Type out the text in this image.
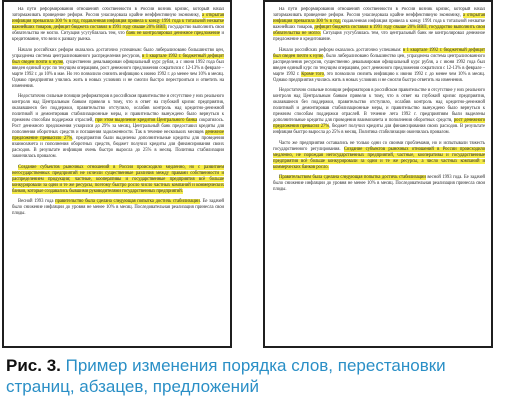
На пути реформирования отношений собственности в России возник кризис, который начал затормаживать проведение реформ. Россия унаследовала крайне неэффективную экономику, а открытая инфляция превысила 300 % в год, подавленная инфляция привела к концу 1991 года к тотальной нехватке важнейших товаров, дефицит бюджета составил в 1991 году свыше 20% ВВП, государство выполнить свои обязательства не могло. Ситуация усугублялась тем, что банк не контролировал денежное предложение и кредитование, что вело к развалу рынка.

Начало российских реформ оказалось достаточно успешным: было либерализовано большинство цен, упразднена система централизованного распределения ресурсов, в 1 квартале 1992 г. бюджетный дефицит был сведен почти к нулю, существенно девальвирован официальный курс рубля, а с июня 1992 года был введен единый курс по текущим операциям, рост денежного предложения сократился с 12-13% в феврале – марте 1992 г. до 10% в мае. Но это позволило снизить инфляцию к июню 1992 г. до менее чем 10% в месяц. Однако предприятия учились жить в новых условиях и не смогли быстро перестроиться и ответить на изменения.

Недостаточно сильные позиции реформаторов в российском правительстве и отсутствие у них реального контроля над Центральным банком привели к тому, что в ответ на глубокий кризис предприятия, оказавшиеся без поддержки, правительство отступило, ослабив контроль над кредитно-денежной политикой и демонтировав стабилизационные меры, и правительство вынуждено было вернуться к прежним способам поддержки отраслей, при этом выделение кредитов Центрального банка сократилось. Рост денежного предложения ускорился до 29% за месяц, Центральный банк предоставил кредиты для пополнения оборотных средств и погашения задолженности. Так в течение нескольких месяцев денежное предложение превысило 27%, предприятия были выделены дополнительные кредиты для проведения взаимозачета и пополнения оборотных средств, бюджет получил кредиты для финансирования своих расходов. В результате инфляция очень быстро выросла до 25% в месяц. Политика стабилизации закончилась провалом.

Создание субъектов рыночных отношений в России происходило медленно, но с развитием негосударственных предприятий не исчезли существенные различия между правами собственности и распределением продукции; частные, кооперативы и государственные предприятия всё больше конкурировали за одни и те же ресурсы, поэтому быстро росло число частных компаний и коммерческих банков, которые создавались бывшими руководителями государственных предприятий.

Весной 1993 года правительство была сделана следующая попытка достичь стабилизации. Ее задачей было снижение инфляции до уровня не менее 10% в месяц. Последовательная реализация принесла свои плоды.

На пути реформирования отношений собственности в России возник кризис, который начал затормаживать проведение реформ. Россия унаследовала крайне неэффективную экономику, а открытая инфляция превысила 300 % в год, подавленная инфляция привела к концу 1991 года к тотальной нехватке важнейших товаров, дефицит бюджета составил в 1991 году свыше 20% ВВП, государство выполнить свои обязательства не могло. Ситуация усугублялась тем, что центральный банк не контролировал денежное предложение и кредитование.

Начало российских реформ оказалось достаточно успешным: в 1 квартале 1992 г. бюджетный дефицит был сведен почти к нулю, было либерализовано большинство цен, упразднена система централизованного распределения ресурсов, существенно девальвирован официальный курс рубля, а с июня 1992 года был введен единый курс по текущим операциям, рост денежного предложения сократился с 12-13% в феврале – марте 1992 г. Кроме того, это позволило снизить инфляцию к июню 1992 г. до менее чем 10% в месяц. Однако предприятия учились жить в новых условиях и не смогли быстро ответить на изменения.

Недостаточно сильные позиции реформаторов в российском правительстве и отсутствие у них реального контроля над Центральным банком привели к тому, что в ответ на глубокий кризис предприятия, оказавшиеся без поддержки, правительство отступило, ослабив контроль над кредитно-денежной политикой и демонтировав стабилизационные меры, и правительство вынуждено было вернуться к прежним способам поддержки отраслей. В течение лета 1992 г. предприятиям были выделены дополнительные кредиты для проведения взаимозачета и пополнения оборотных средств, рост денежного предложения превысил 27%, бюджет получил кредиты для финансирования своих расходов. В результате инфляция быстро выросла до 25% в месяц. Политика стабилизации окончилась провалом.

Часто же предприятия оставались не только одни со своими проблемами, но и испытывали тяжесть государственного регулирования. Создание субъектов рыночных отношений в России происходило медленно, не порождая негосударственных предприятий, частные, кооперативы и государственные предприятия всё больше конкурировали за одни и те же ресурсы, а число частных компаний и коммерческих банков росло.

Правительством была сделана следующая попытка достичь стабилизации весной 1993 года. Ее задачей было снижение инфляции до уровня не менее 10% в месяц. Последовательная реализация принесла свои плоды.

Рис. 3. Пример изменения порядка слов, перестановки страниц, абзацев, предложений
